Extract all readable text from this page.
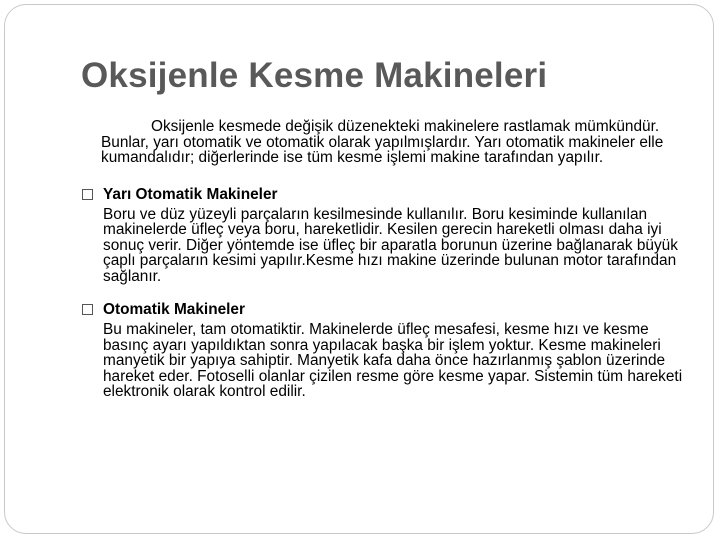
Oksijenle Kesme Makineleri

Oksijenle kesmede değişik düzenekteki makinelere rastlamak mümkündür. Bunlar, yarı otomatik ve otomatik olarak yapılmışlardır. Yarı otomatik makineler elle kumandalıdır; diğerlerinde ise tüm kesme işlemi makine tarafından yapılır.

Yarı Otomatik Makineler

Boru ve düz yüzeyli parçaların kesilmesinde kullanılır. Boru kesiminde kullanılan makinelerde üfleç veya boru, hareketlidir. Kesilen gerecin hareketli olması daha iyi sonuç verir. Diğer yöntemde ise üfleç bir aparatla borunun üzerine bağlanarak büyük çaplı parçaların kesimi yapılır.Kesme hızı makine üzerinde bulunan motor tarafından sağlanır.

Otomatik Makineler

Bu makineler, tam otomatiktir. Makinelerde üfleç mesafesi, kesme hızı ve kesme basınç ayarı yapıldıktan sonra yapılacak başka bir işlem yoktur. Kesme makineleri manyetik bir yapıya sahiptir. Manyetik kafa daha önce hazırlanmış şablon üzerinde hareket eder. Fotoselli olanlar çizilen resme göre kesme yapar. Sistemin tüm hareketi elektronik olarak kontrol edilir.
